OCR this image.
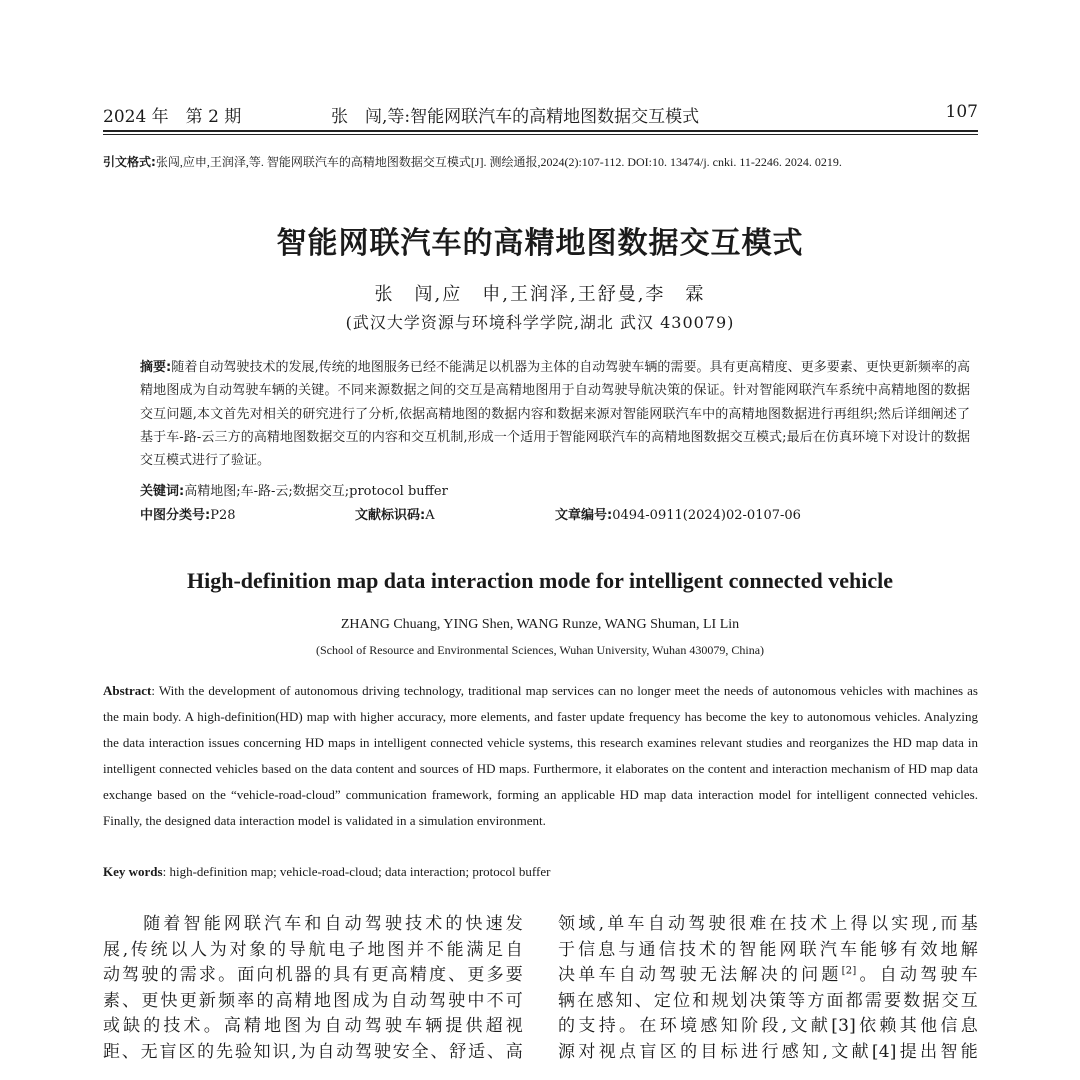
2024 年　第 2 期	张　闯,等:智能网联汽车的高精地图数据交互模式	107
引文格式:张闯,应申,王润泽,等. 智能网联汽车的高精地图数据交互模式[J]. 测绘通报,2024(2):107-112. DOI:10. 13474/j. cnki. 11-2246. 2024. 0219.
智能网联汽车的高精地图数据交互模式
张　闯,应　申,王润泽,王舒曼,李　霖
(武汉大学资源与环境科学学院,湖北 武汉 430079)
摘要:随着自动驾驶技术的发展,传统的地图服务已经不能满足以机器为主体的自动驾驶车辆的需要。具有更高精度、更多要素、更快更新频率的高精地图成为自动驾驶车辆的关键。不同来源数据之间的交互是高精地图用于自动驾驶导航决策的保证。针对智能网联汽车系统中高精地图的数据交互问题,本文首先对相关的研究进行了分析,依据高精地图的数据内容和数据来源对智能网联汽车中的高精地图数据进行再组织;然后详细阐述了基于车-路-云三方的高精地图数据交互的内容和交互机制,形成一个适用于智能网联汽车的高精地图数据交互模式;最后在仿真环境下对设计的数据交互模式进行了验证。
关键词:高精地图;车-路-云;数据交互;protocol buffer
中图分类号:P28	文献标识码:A	文章编号:0494-0911(2024)02-0107-06
High-definition map data interaction mode for intelligent connected vehicle
ZHANG Chuang, YING Shen, WANG Runze, WANG Shuman, LI Lin
(School of Resource and Environmental Sciences, Wuhan University, Wuhan 430079, China)
Abstract: With the development of autonomous driving technology, traditional map services can no longer meet the needs of autonomous vehicles with machines as the main body. A high-definition(HD) map with higher accuracy, more elements, and faster update frequency has become the key to autonomous vehicles. Analyzing the data interaction issues concerning HD maps in intelligent connected vehicle systems, this research examines relevant studies and reorganizes the HD map data in intelligent connected vehicles based on the data content and sources of HD maps. Furthermore, it elaborates on the content and interaction mechanism of HD map data exchange based on the “vehicle-road-cloud” communication framework, forming an applicable HD map data interaction model for intelligent connected vehicles. Finally, the designed data interaction model is validated in a simulation environment.
Key words: high-definition map; vehicle-road-cloud; data interaction; protocol buffer
　　随着智能网联汽车和自动驾驶技术的快速发
展,传统以人为对象的导航电子地图并不能满足自
动驾驶的需求。面向机器的具有更高精度、更多要
素、更快更新频率的高精地图成为自动驾驶中不可
或缺的技术。高精地图为自动驾驶车辆提供超视
距、无盲区的先验知识,为自动驾驶安全、舒适、高
领域,单车自动驾驶很难在技术上得以实现,而基
于信息与通信技术的智能网联汽车能够有效地解
决单车自动驾驶无法解决的问题[2]。自动驾驶车
辆在感知、定位和规划决策等方面都需要数据交互
的支持。在环境感知阶段,文献[3]依赖其他信息
源对视点盲区的目标进行感知,文献[4]提出智能
